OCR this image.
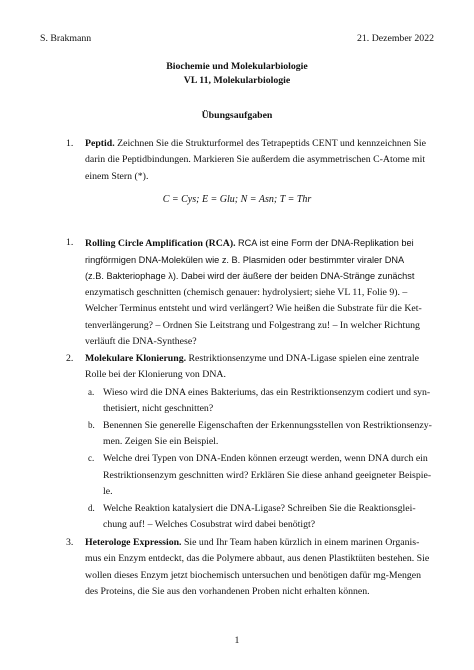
S. Brakmann	21. Dezember 2022
Biochemie und Molekularbiologie
VL 11, Molekularbiologie
Übungsaufgaben
1. Peptid. Zeichnen Sie die Strukturformel des Tetrapeptids CENT und kennzeichnen Sie
darin die Peptidbindungen. Markieren Sie außerdem die asymmetrischen C-Atome mit
einem Stern (*).
C = Cys; E = Glu; N = Asn; T = Thr
1. Rolling Circle Amplification (RCA). RCA ist eine Form der DNA-Replikation bei
ringförmigen DNA-Molekülen wie z. B. Plasmiden oder bestimmter viraler DNA
(z.B. Bakteriophage λ). Dabei wird der äußere der beiden DNA-Stränge zunächst
enzymatisch geschnitten (chemisch genauer: hydrolysiert; siehe VL 11, Folie 9). –
Welcher Terminus entsteht und wird verlängert? Wie heißen die Substrate für die Ket-
tenverlängerung? – Ordnen Sie Leitstrang und Folgestrang zu! – In welcher Richtung
verläuft die DNA-Synthese?
2. Molekulare Klonierung. Restriktionsenzyme und DNA-Ligase spielen eine zentrale
Rolle bei der Klonierung von DNA.
a. Wieso wird die DNA eines Bakteriums, das ein Restriktionsenzym codiert und syn-
thetisiert, nicht geschnitten?
b. Benennen Sie generelle Eigenschaften der Erkennungsstellen von Restriktionsenzy-
men. Zeigen Sie ein Beispiel.
c. Welche drei Typen von DNA-Enden können erzeugt werden, wenn DNA durch ein
Restriktionsenzym geschnitten wird? Erklären Sie diese anhand geeigneter Beispie-
le.
d. Welche Reaktion katalysiert die DNA-Ligase? Schreiben Sie die Reaktionsglei-
chung auf! – Welches Cosubstrat wird dabei benötigt?
3. Heterologe Expression. Sie und Ihr Team haben kürzlich in einem marinen Organis-
mus ein Enzym entdeckt, das die Polymere abbaut, aus denen Plastiktüten bestehen. Sie
wollen dieses Enzym jetzt biochemisch untersuchen und benötigen dafür mg-Mengen
des Proteins, die Sie aus den vorhandenen Proben nicht erhalten können.
1
